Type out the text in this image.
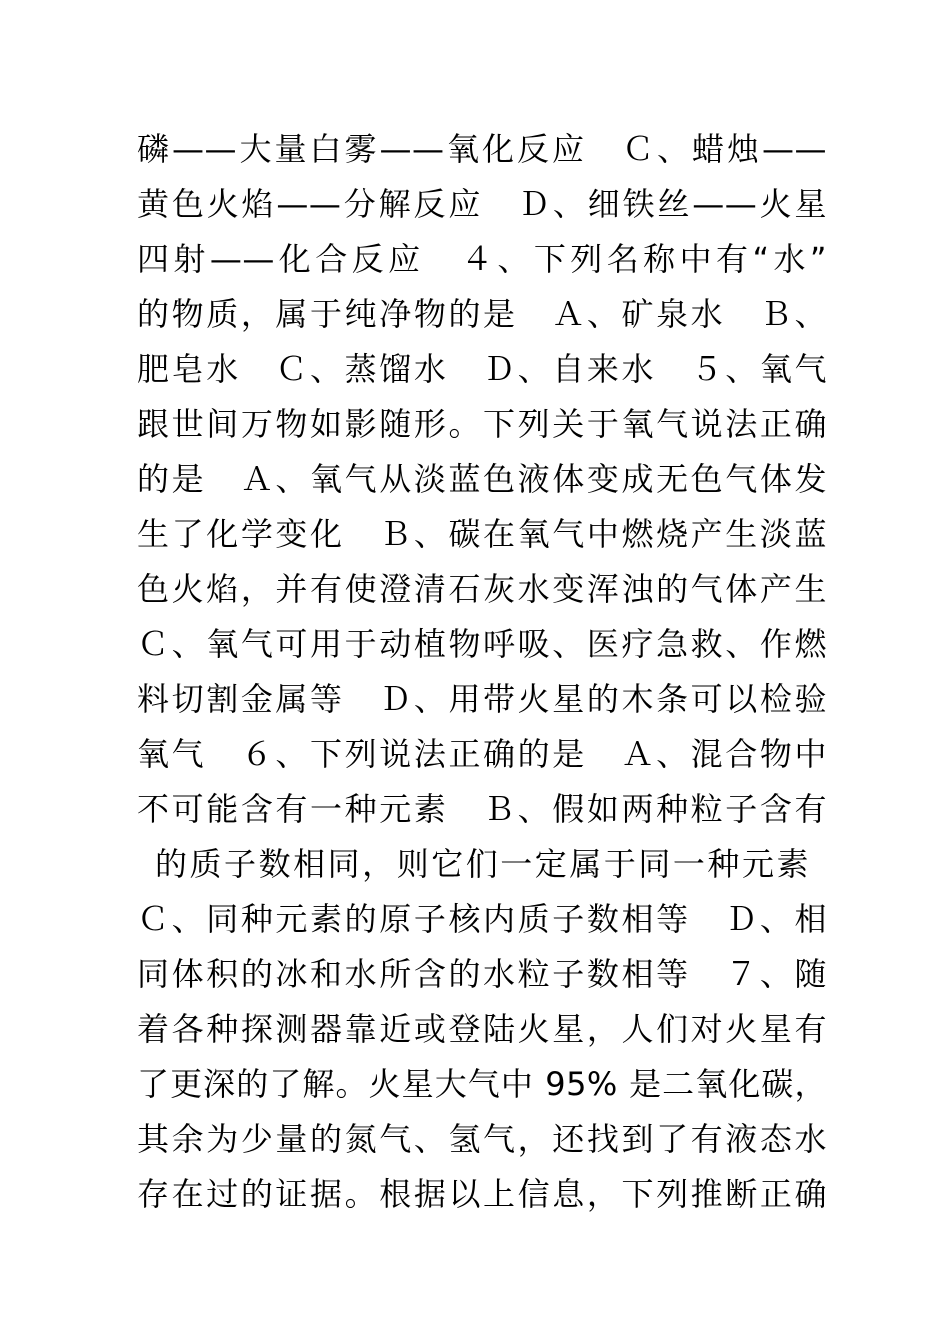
磷——大量白雾——氧化反应　Ｃ、蜡烛——
黄色火焰——分解反应　Ｄ、细铁丝——火星
四射——化合反应　４、下列名称中有“水”
的物质，属于纯净物的是　Ａ、矿泉水　Ｂ、
肥皂水　Ｃ、蒸馏水　Ｄ、自来水　５、氧气
跟世间万物如影随形。下列关于氧气说法正确
的是　Ａ、氧气从淡蓝色液体变成无色气体发
生了化学变化　Ｂ、碳在氧气中燃烧产生淡蓝
色火焰，并有使澄清石灰水变浑浊的气体产生
Ｃ、氧气可用于动植物呼吸、医疗急救、作燃
料切割金属等　Ｄ、用带火星的木条可以检验
氧气　６、下列说法正确的是　Ａ、混合物中
不可能含有一种元素　Ｂ、假如两种粒子含有
的质子数相同，则它们一定属于同一种元素
Ｃ、同种元素的原子核内质子数相等　Ｄ、相
同体积的冰和水所含的水粒子数相等　７、随
着各种探测器靠近或登陆火星，人们对火星有
了更深的了解。火星大气中 95% 是二氧化碳，
其余为少量的氮气、氢气，还找到了有液态水
存在过的证据。根据以上信息，下列推断正确
